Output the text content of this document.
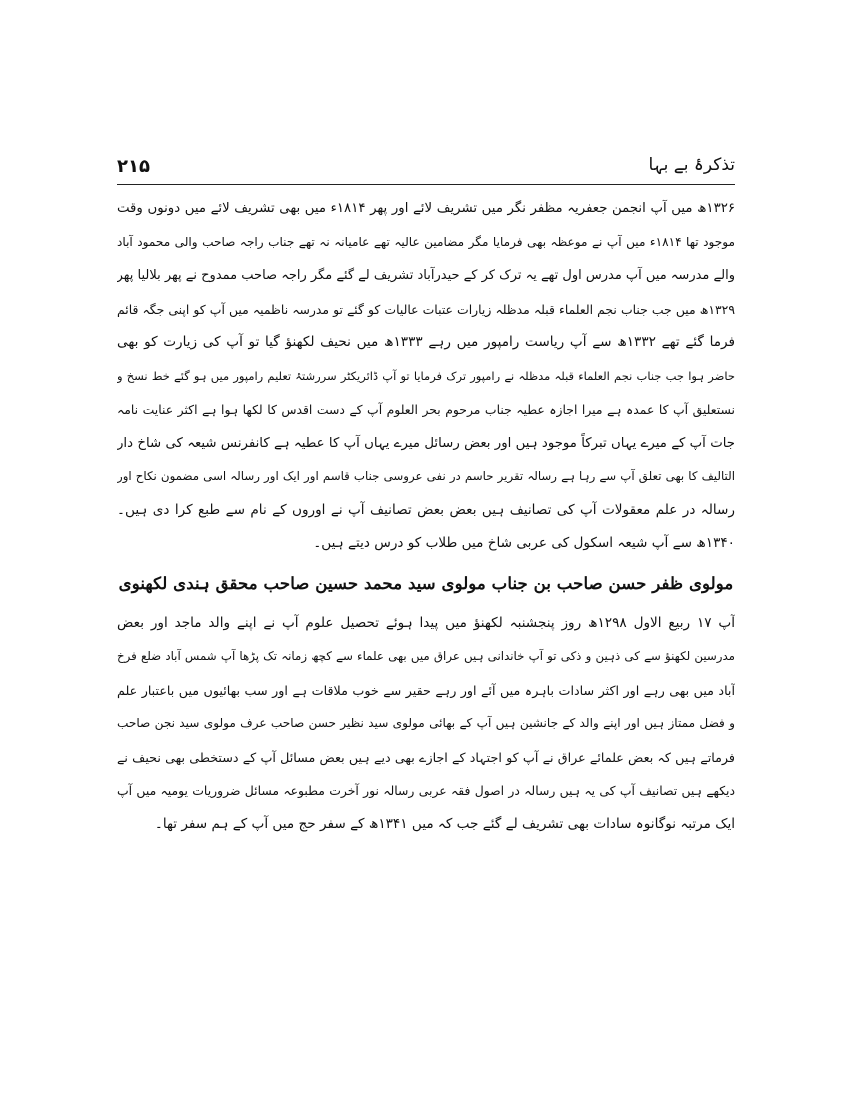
۲۱۵	تذکرۂ بے بہا
۱۳۲۶ھ میں آپ انجمن جعفریہ مظفر نگر میں تشریف لائے اور پھر ۱۸۱۴ء میں بھی تشریف لائے میں دونوں وقت
موجود تھا ۱۸۱۴ء میں آپ نے موعظہ بھی فرمایا مگر مضامین عالیہ تھے عامیانہ نہ تھے جناب راجہ صاحب والی محمود آباد
والے مدرسہ میں آپ مدرس اول تھے یہ ترک کر کے حیدرآباد تشریف لے گئے مگر راجہ صاحب ممدوح نے پھر بلالیا پھر
۱۳۲۹ھ میں جب جناب نجم العلماء قبلہ مدظلہ زیارات عتبات عالیات کو گئے تو مدرسہ ناظمیہ میں آپ کو اپنی جگہ قائم
فرما گئے تھے ۱۳۳۲ھ سے آپ ریاست رامپور میں رہے ۱۳۳۳ھ میں نحیف لکھنؤ گیا تو آپ کی زیارت کو بھی
حاضر ہوا جب جناب نجم العلماء قبلہ مدظلہ نے رامپور ترک فرمایا تو آپ ڈائریکٹر سررشتۂ تعلیم رامپور میں ہو گئے خط نسخ و
نستعلیق آپ کا عمدہ ہے میرا اجازہ عطیہ جناب مرحوم بحر العلوم آپ کے دست اقدس کا لکھا ہوا ہے اکثر عنایت نامہ
جات آپ کے میرے یہاں تبرکاً موجود ہیں اور بعض رسائل میرے یہاں آپ کا عطیہ ہے کانفرنس شیعہ کی شاخ دار
التالیف کا بھی تعلق آپ سے رہا ہے رسالہ تقریر حاسم در نفی عروسی جناب قاسم اور ایک اور رسالہ اسی مضمون نکاح اور
رسالہ در علم معقولات آپ کی تصانیف ہیں بعض بعض تصانیف آپ نے اوروں کے نام سے طبع کرا دی ہیں۔
۱۳۴۰ھ سے آپ شیعہ اسکول کی عربی شاخ میں طلاب کو درس دیتے ہیں۔
مولوی ظفر حسن صاحب بن جناب مولوی سید محمد حسین صاحب محقق ہندی لکھنوی
آپ ۱۷ ربیع الاول ۱۲۹۸ھ روز پنجشنبہ لکھنؤ میں پیدا ہوئے تحصیل علوم آپ نے اپنے والد ماجد اور بعض
مدرسین لکھنؤ سے کی ذہین و ذکی تو آپ خاندانی ہیں عراق میں بھی علماء سے کچھ زمانہ تک پڑھا آپ شمس آباد ضلع فرخ
آباد میں بھی رہے اور اکثر سادات باہرہ میں آئے اور رہے حقیر سے خوب ملاقات ہے اور سب بھائیوں میں باعتبار علم
و فضل ممتاز ہیں اور اپنے والد کے جانشین ہیں آپ کے بھائی مولوی سید نظیر حسن صاحب عرف مولوی سید نجن صاحب
فرماتے ہیں کہ بعض علمائے عراق نے آپ کو اجتہاد کے اجازے بھی دیے ہیں بعض مسائل آپ کے دستخطی بھی نحیف نے
دیکھے ہیں تصانیف آپ کی یہ ہیں رسالہ در اصول فقہ عربی رسالہ نور آخرت مطبوعہ مسائل ضروریات یومیہ میں آپ
ایک مرتبہ نوگانوہ سادات بھی تشریف لے گئے جب کہ میں ۱۳۴۱ھ کے سفر حج میں آپ کے ہم سفر تھا۔
